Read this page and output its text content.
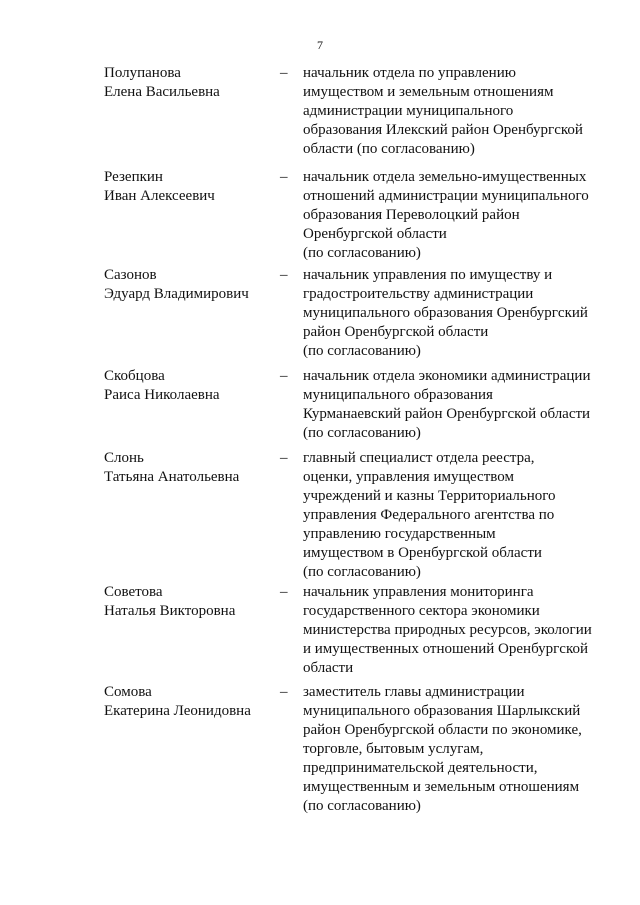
7
Полупанова
Елена Васильевна
– начальник отдела по управлению
имуществом и земельным отношениям
администрации муниципального
образования Илекский район Оренбургской
области (по согласованию)
Резепкин
Иван Алексеевич
– начальник отдела земельно-имущественных
отношений администрации муниципального
образования Переволоцкий район
Оренбургской области
(по согласованию)
Сазонов
Эдуард Владимирович
– начальник управления по имуществу и
градостроительству администрации
муниципального образования Оренбургский
район Оренбургской области
(по согласованию)
Скобцова
Раиса Николаевна
– начальник отдела экономики администрации
муниципального образования
Курманаевский район Оренбургской области
(по согласованию)
Слонь
Татьяна Анатольевна
– главный специалист отдела реестра,
оценки, управления имуществом
учреждений и казны Территориального
управления Федерального агентства по
управлению государственным
имуществом в Оренбургской области
(по согласованию)
Советова
Наталья Викторовна
– начальник управления мониторинга
государственного сектора экономики
министерства природных ресурсов, экологии
и имущественных отношений Оренбургской
области
Сомова
Екатерина Леонидовна
– заместитель главы администрации
муниципального образования Шарлыкский
район Оренбургской области по экономике,
торговле, бытовым услугам,
предпринимательской деятельности,
имущественным и земельным отношениям
(по согласованию)
